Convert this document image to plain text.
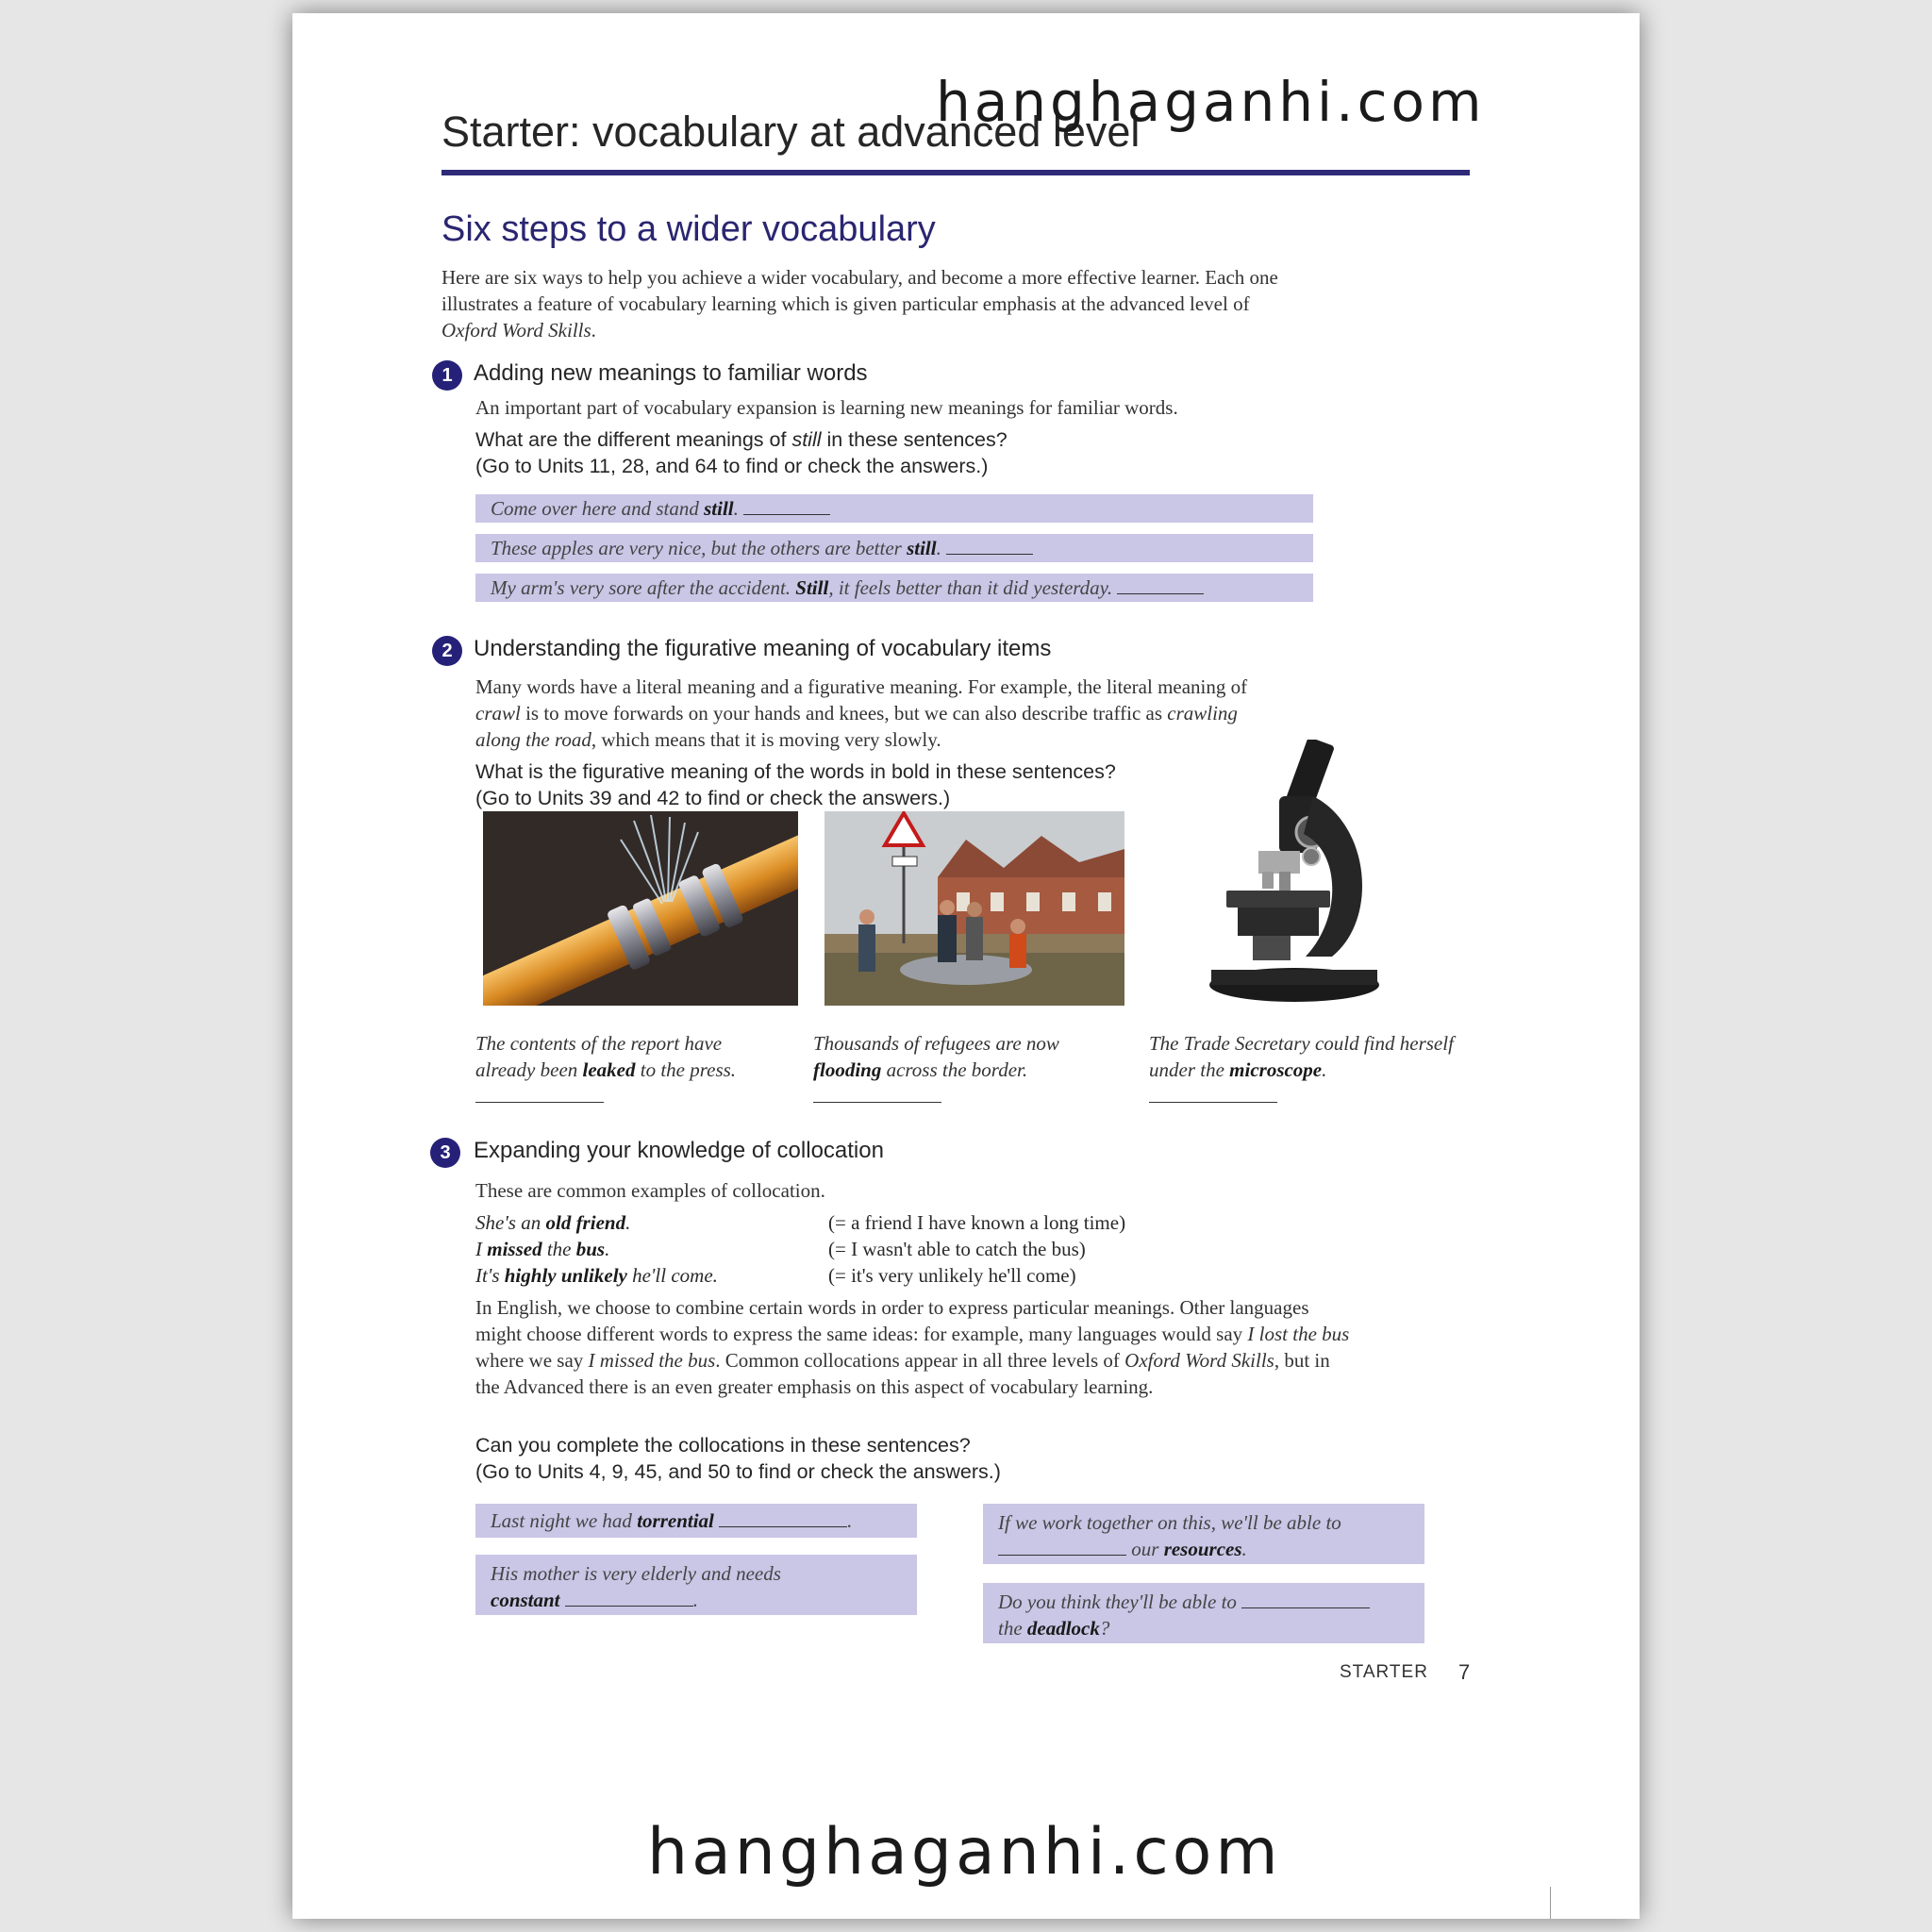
Starter: vocabulary at advanced level
Six steps to a wider vocabulary
Here are six ways to help you achieve a wider vocabulary, and become a more effective learner. Each one illustrates a feature of vocabulary learning which is given particular emphasis at the advanced level of Oxford Word Skills.
1 Adding new meanings to familiar words
An important part of vocabulary expansion is learning new meanings for familiar words.
What are the different meanings of still in these sentences?
(Go to Units 11, 28, and 64 to find or check the answers.)
Come over here and stand still.
These apples are very nice, but the others are better still.
My arm's very sore after the accident. Still, it feels better than it did yesterday.
2 Understanding the figurative meaning of vocabulary items
Many words have a literal meaning and a figurative meaning. For example, the literal meaning of crawl is to move forwards on your hands and knees, but we can also describe traffic as crawling along the road, which means that it is moving very slowly.
What is the figurative meaning of the words in bold in these sentences?
(Go to Units 39 and 42 to find or check the answers.)
The contents of the report have already been leaked to the press.
Thousands of refugees are now flooding across the border.
The Trade Secretary could find herself under the microscope.
3	Expanding your knowledge of collocation
These are common examples of collocation.
She's an old friend.	(= a friend I have known a long time)
I missed the bus.	(= I wasn't able to catch the bus)
It's highly unlikely he'll come.	(= it's very unlikely he'll come)
In English, we choose to combine certain words in order to express particular meanings. Other languages might choose different words to express the same ideas: for example, many languages would say I lost the bus where we say I missed the bus. Common collocations appear in all three levels of Oxford Word Skills, but in the Advanced there is an even greater emphasis on this aspect of vocabulary learning.
Can you complete the collocations in these sentences?
(Go to Units 4, 9, 45, and 50 to find or check the answers.)
Last night we had torrential	.
His mother is very elderly and needs
constant	.
If we work together on this, we'll be able to
our resources.
Do you think they'll be able to
the deadlock?
STARTER 7
hanghaganhi.com
hanghaganhi.com
